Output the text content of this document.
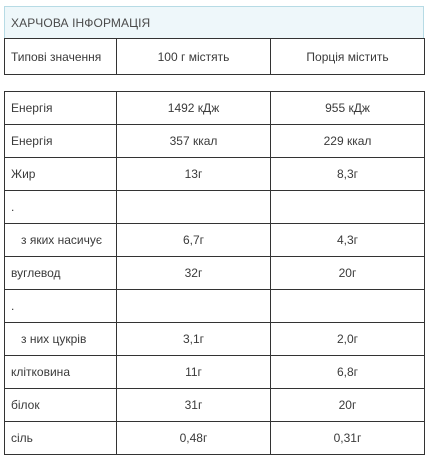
ХАРЧОВА ІНФОРМАЦІЯ
Типові значення	100 г містять	Порція містить
Енергія	1492 кДж	955 кДж
Енергія	357 ккал	229 ккал
Жир	13г	8,3г
.		
з яких насичує	6,7г	4,3г
вуглевод	32г	20г
.		
з них цукрів	3,1г	2,0г
клітковина	11г	6,8г
білок	31г	20г
сіль	0,48г	0,31г
